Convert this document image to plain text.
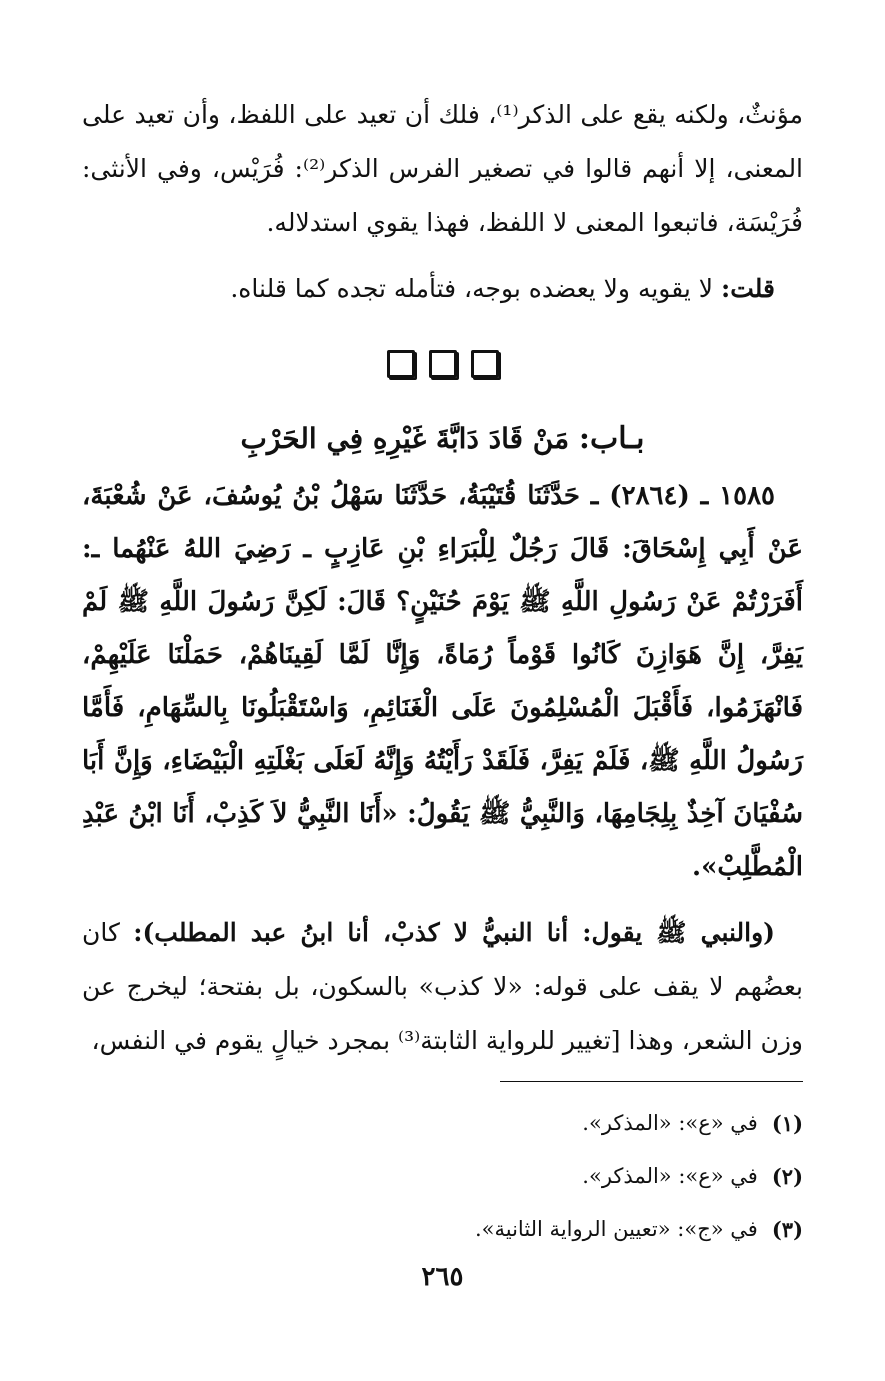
مؤنثٌ، ولكنه يقع على الذكر⁽¹⁾، فلك أن تعيد على اللفظ، وأن تعيد على المعنى، إلا أنهم قالوا في تصغير الفرس الذكر⁽²⁾: فُرَيْس، وفي الأنثى: فُرَيْسَة، فاتبعوا المعنى لا اللفظ، فهذا يقوي استدلاله.

قلت: لا يقويه ولا يعضده بوجه، فتأمله تجده كما قلناه.

بـاب: مَنْ قَادَ دَابَّةَ غَيْرِهِ فِي الحَرْبِ

١٥٨٥ ـ (٢٨٦٤) ـ حَدَّثَنَا قُتَيْبَةُ، حَدَّثَنَا سَهْلُ بْنُ يُوسُفَ، عَنْ شُعْبَةَ، عَنْ أَبِي إِسْحَاقَ: قَالَ رَجُلٌ لِلْبَرَاءِ بْنِ عَازِبٍ ـ رَضِيَ اللهُ عَنْهُما ـ: أَفَرَرْتُمْ عَنْ رَسُولِ اللَّهِ ﷺ يَوْمَ حُنَيْنٍ؟ قَالَ: لَكِنَّ رَسُولَ اللَّهِ ﷺ لَمْ يَفِرَّ، إِنَّ هَوَازِنَ كَانُوا قَوْماً رُمَاةً، وَإِنَّا لَمَّا لَقِينَاهُمْ، حَمَلْنَا عَلَيْهِمْ، فَانْهَزَمُوا، فَأَقْبَلَ الْمُسْلِمُونَ عَلَى الْغَنَائِمِ، وَاسْتَقْبَلُونَا بِالسِّهَامِ، فَأَمَّا رَسُولُ اللَّهِ ﷺ، فَلَمْ يَفِرَّ، فَلَقَدْ رَأَيْتُهُ وَإِنَّهُ لَعَلَى بَغْلَتِهِ الْبَيْضَاءِ، وَإِنَّ أَبَا سُفْيَانَ آخِذٌ بِلِجَامِهَا، وَالنَّبِيُّ ﷺ يَقُولُ: «أَنَا النَّبِيُّ لاَ كَذِبْ، أَنَا ابْنُ عَبْدِ الْمُطَّلِبْ».

(والنبي ﷺ يقول: أنا النبيُّ لا كذبْ، أنا ابنُ عبد المطلب): كان بعضُهم لا يقف على قوله: «لا كذب» بالسكون، بل بفتحة؛ ليخرج عن وزن الشعر، وهذا [تغيير للرواية الثابتة⁽³⁾ بمجرد خيالٍ يقوم في النفس،

(١)
في «ع»: «المذكر».
(٢)
في «ع»: «المذكر».
(٣)
في «ج»: «تعيين الرواية الثانية».
٢٦٥
